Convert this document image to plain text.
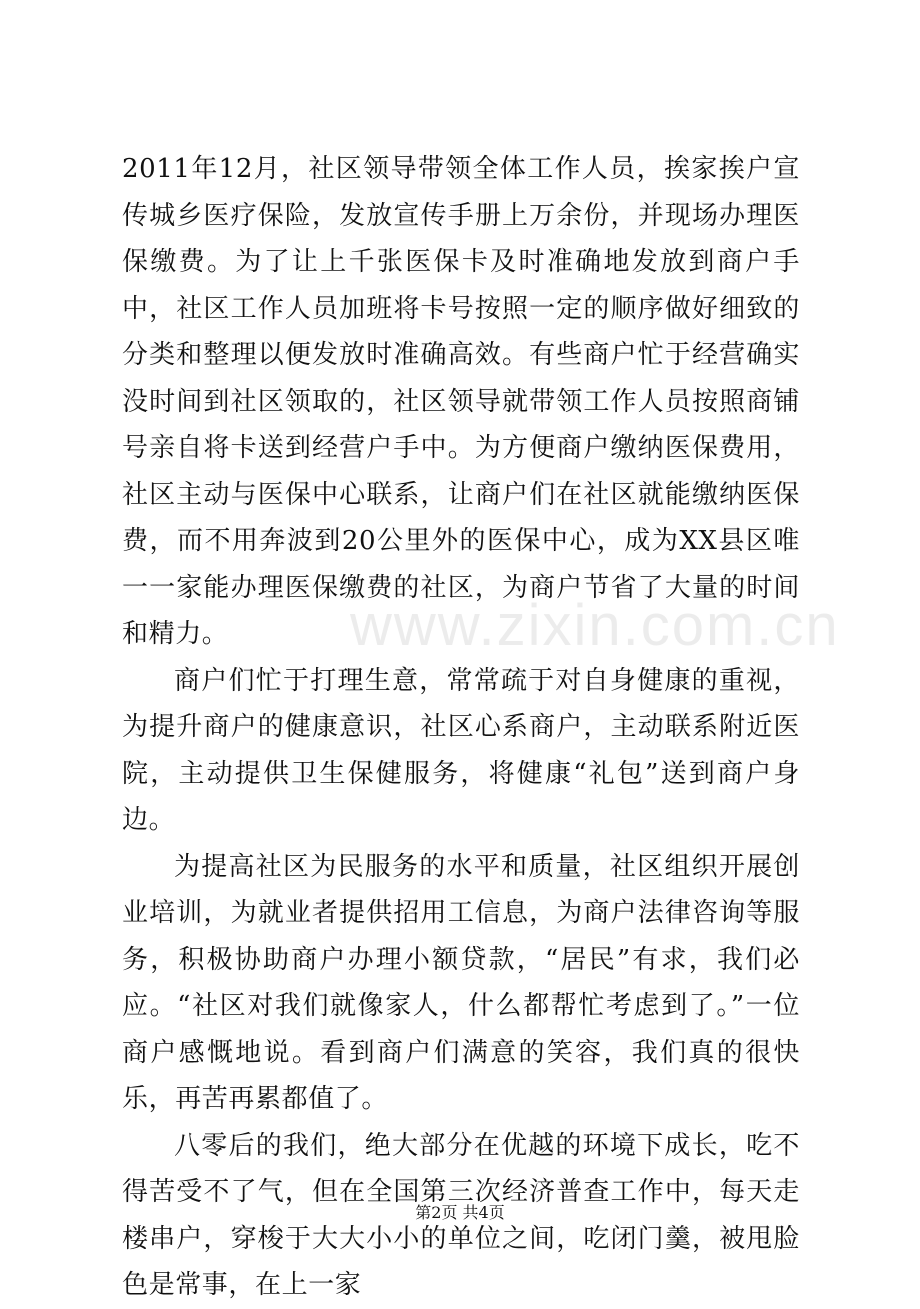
2011年12月，社区领导带领全体工作人员，挨家挨户宣传城乡医疗保险，发放宣传手册上万余份，并现场办理医保缴费。为了让上千张医保卡及时准确地发放到商户手中，社区工作人员加班将卡号按照一定的顺序做好细致的分类和整理以便发放时准确高效。有些商户忙于经营确实没时间到社区领取的，社区领导就带领工作人员按照商铺号亲自将卡送到经营户手中。为方便商户缴纳医保费用，社区主动与医保中心联系，让商户们在社区就能缴纳医保费，而不用奔波到20公里外的医保中心，成为XX县区唯一一家能办理医保缴费的社区，为商户节省了大量的时间和精力。

商户们忙于打理生意，常常疏于对自身健康的重视，为提升商户的健康意识，社区心系商户，主动联系附近医院，主动提供卫生保健服务，将健康“礼包”送到商户身边。

为提高社区为民服务的水平和质量，社区组织开展创业培训，为就业者提供招用工信息，为商户法律咨询等服务，积极协助商户办理小额贷款，“居民”有求，我们必应。“社区对我们就像家人，什么都帮忙考虑到了。”一位商户感慨地说。看到商户们满意的笑容，我们真的很快乐，再苦再累都值了。

八零后的我们，绝大部分在优越的环境下成长，吃不得苦受不了气，但在全国第三次经济普查工作中，每天走楼串户，穿梭于大大小小的单位之间，吃闭门羹，被甩脸色是常事，在上一家

www.zixin.com.cn
第2页 共4页
